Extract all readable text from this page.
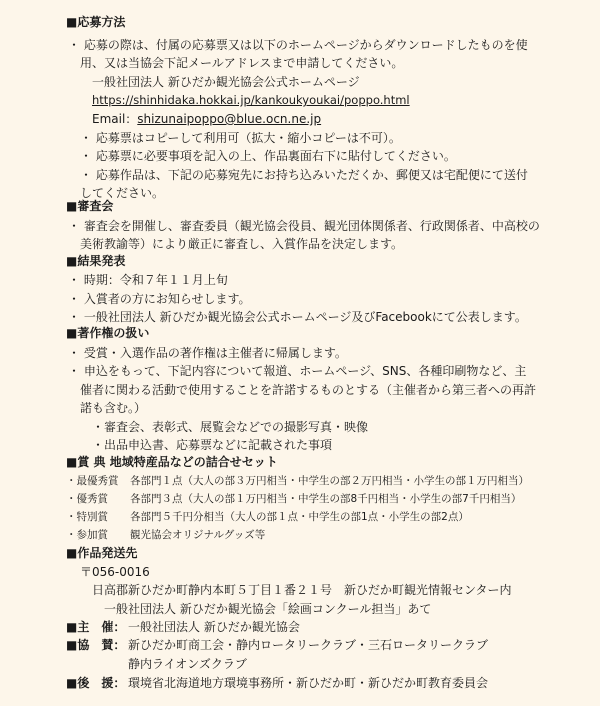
■応募方法
・ 応募の際は、付属の応募票又は以下のホームページからダウンロードしたものを使
用、又は当協会下記メールアドレスまで申請してください。
一般社団法人 新ひだか観光協会公式ホームページ
https://shinhidaka.hokkai.jp/kankoukyoukai/poppo.html
Email：shizunaipoppo@blue.ocn.ne.jp
・ 応募票はコピーして利用可（拡大・縮小コピーは不可）。
・ 応募票に必要事項を記入の上、作品裏面右下に貼付してください。
・ 応募作品は、下記の応募宛先にお持ち込みいただくか、郵便又は宅配便にて送付
してください。
■審査会
・ 審査会を開催し、審査委員（観光協会役員、観光団体関係者、行政関係者、中高校の
美術教諭等）により厳正に審査し、入賞作品を決定します。
■結果発表
・ 時期：令和７年１１月上旬
・ 入賞者の方にお知らせします。
・ 一般社団法人 新ひだか観光協会公式ホームページ及びFacebookにて公表します。
■著作権の扱い
・ 受賞・入選作品の著作権は主催者に帰属します。
・ 申込をもって、下記内容について報道、ホームページ、SNS、各種印刷物など、主
催者に関わる活動で使用することを許諾するものとする（主催者から第三者への再許
諾も含む。）
・審査会、表彰式、展覧会などでの撮影写真・映像
・出品申込書、応募票などに記載された事項
■賞 典 地域特産品などの詰合せセット
・最優秀賞 各部門１点（大人の部３万円相当・中学生の部２万円相当・小学生の部１万円相当）
・優秀賞 各部門３点（大人の部１万円相当・中学生の部8千円相当・小学生の部7千円相当）
・特別賞 各部門５千円分相当（大人の部１点・中学生の部1点・小学生の部2点）
・参加賞 観光協会オリジナルグッズ等
■作品発送先
〒056-0016
日高郡新ひだか町静内本町５丁目１番２１号　新ひだか町観光情報センター内
一般社団法人 新ひだか観光協会「絵画コンクール担当」あて
■主　催： 一般社団法人 新ひだか観光協会
■協　賛： 新ひだか町商工会・静内ロータリークラブ・三石ロータリークラブ
静内ライオンズクラブ
■後　援： 環境省北海道地方環境事務所・新ひだか町・新ひだか町教育委員会
